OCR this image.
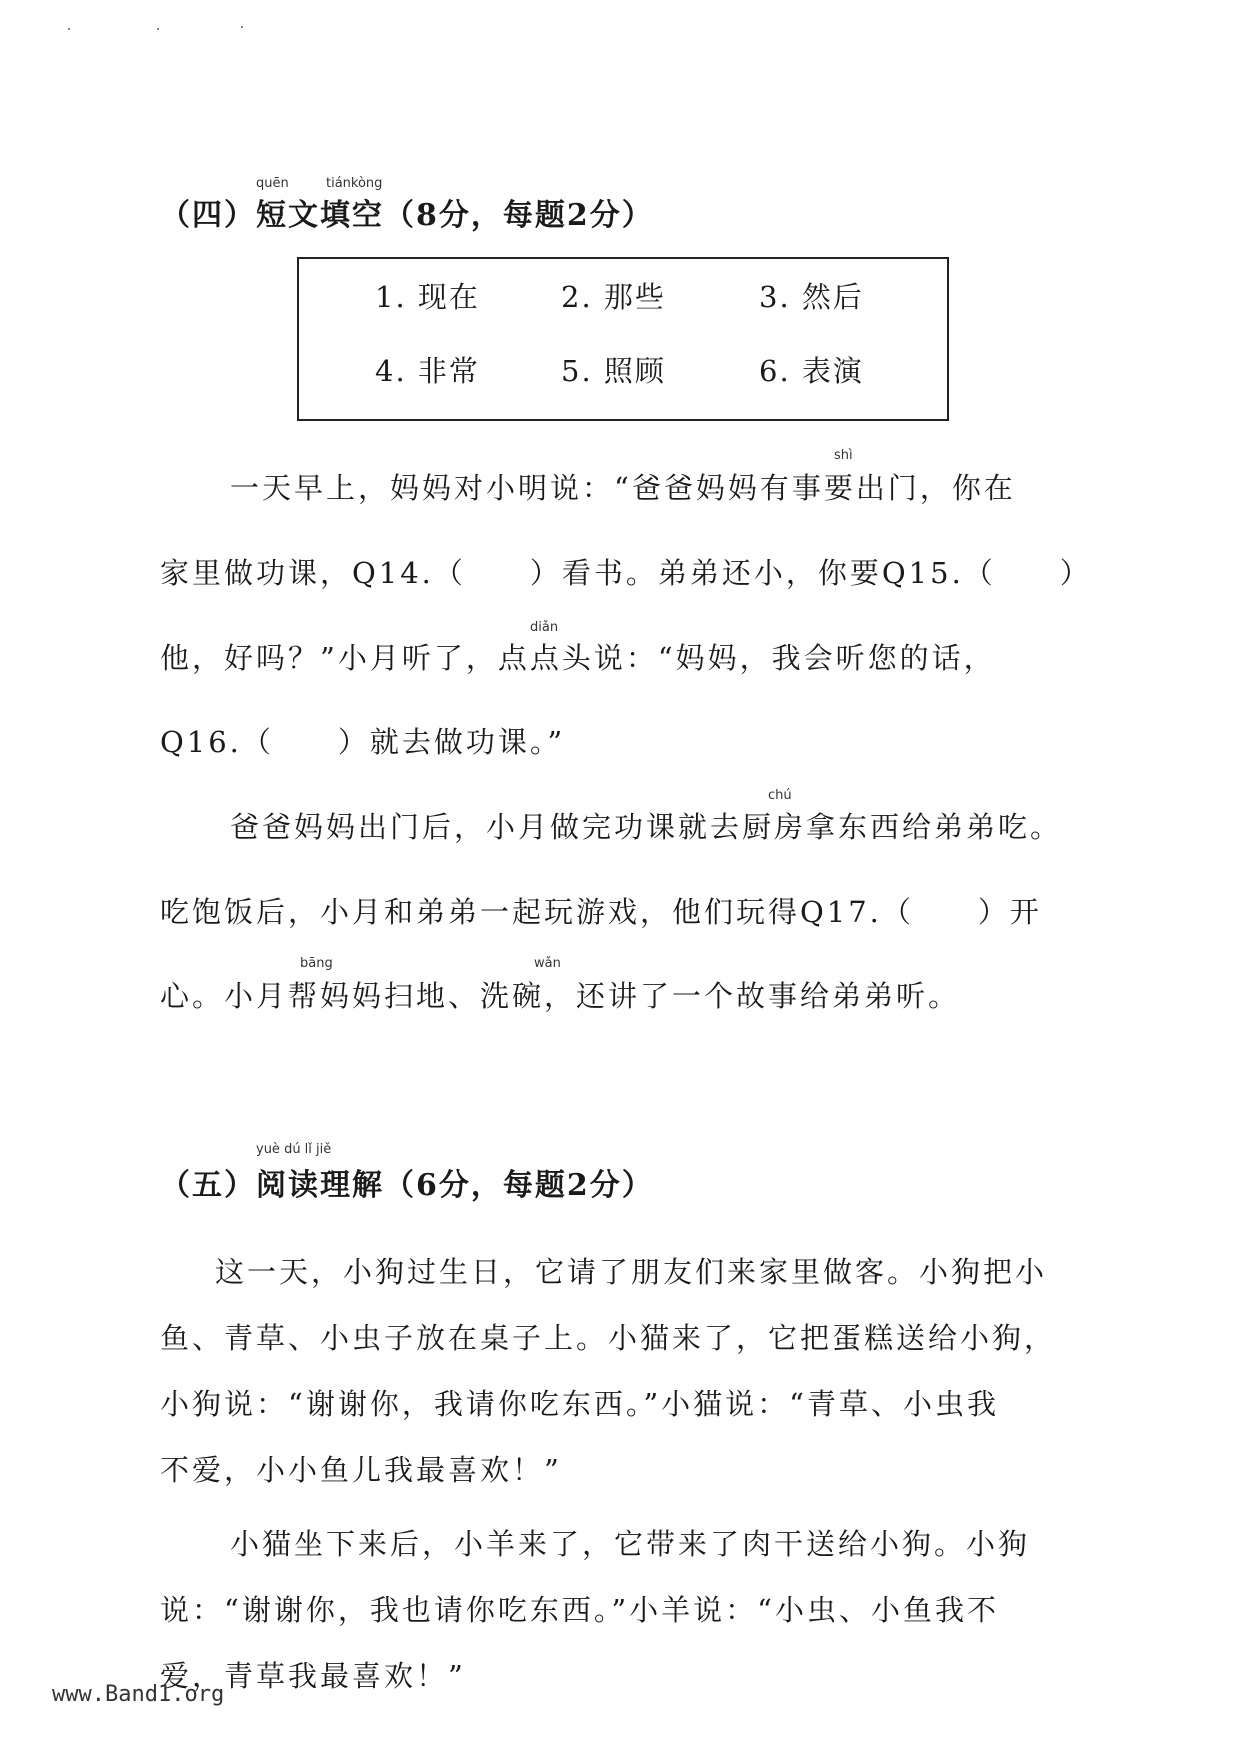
quēn	tiánkòng
（四）短文填空（8分，每题2分）
1. 现在	2. 那些	3. 然后
4. 非常	5. 照顾	6. 表演
shì
一天早上，妈妈对小明说：“爸爸妈妈有事要出门，你在
家里做功课，Q14.（　　）看书。弟弟还小，你要Q15.（　　）
diǎn
他，好吗？”小月听了，点点头说：“妈妈，我会听您的话，
Q16.（　　）就去做功课。”
chú
爸爸妈妈出门后，小月做完功课就去厨房拿东西给弟弟吃。
吃饱饭后，小月和弟弟一起玩游戏，他们玩得Q17.（　　）开
bāng	wǎn
心。小月帮妈妈扫地、洗碗，还讲了一个故事给弟弟听。
yuè dú lǐ jiě
（五）阅读理解（6分，每题2分）
这一天，小狗过生日，它请了朋友们来家里做客。小狗把小
鱼、青草、小虫子放在桌子上。小猫来了，它把蛋糕送给小狗，
小狗说：“谢谢你，我请你吃东西。”小猫说：“青草、小虫我
不爱，小小鱼儿我最喜欢！”
小猫坐下来后，小羊来了，它带来了肉干送给小狗。小狗
说：“谢谢你，我也请你吃东西。”小羊说：“小虫、小鱼我不
爱，青草我最喜欢！”
www.Band1.org
